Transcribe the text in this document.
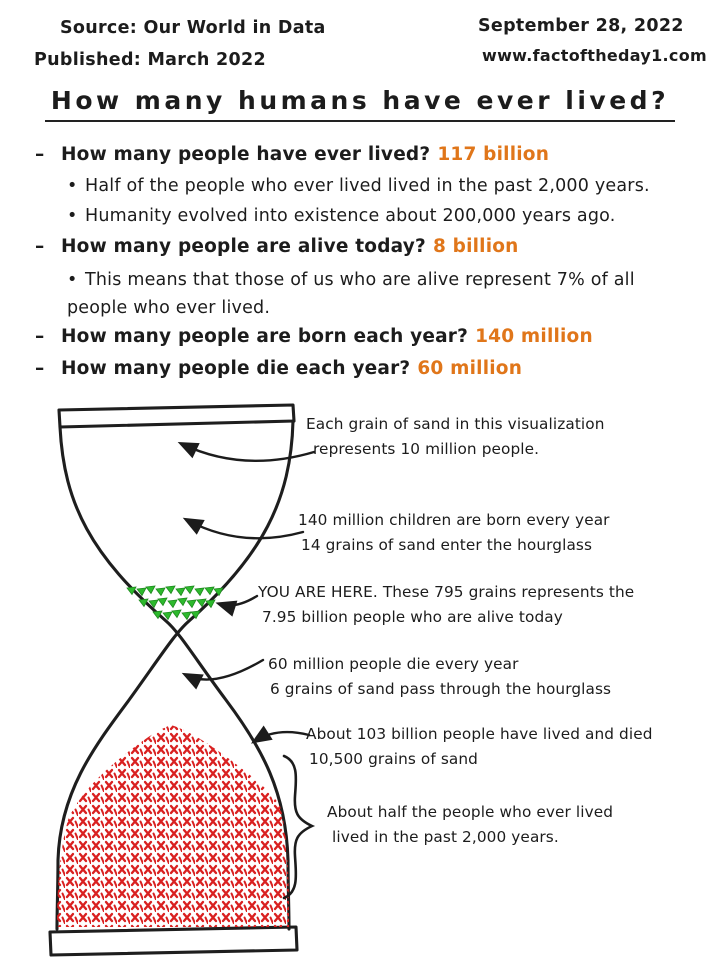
Source: Our World in Data
Published: March 2022
September 28, 2022
www.factoftheday1.com
How many humans have ever lived?
– How many people have ever lived? 117 billion
• Half of the people who ever lived lived in the past 2,000 years.
• Humanity evolved into existence about 200,000 years ago.
– How many people are alive today? 8 billion
• This means that those of us who are alive represent 7% of all people who ever lived.
– How many people are born each year? 140 million
– How many people die each year? 60 million
Each grain of sand in this visualization
represents 10 million people.
140 million children are born every year
14 grains of sand enter the hourglass
YOU ARE HERE. These 795 grains represents the
7.95 billion people who are alive today
60 million people die every year
6 grains of sand pass through the hourglass
About 103 billion people have lived and died
10,500 grains of sand
About half the people who ever lived
lived in the past 2,000 years.
